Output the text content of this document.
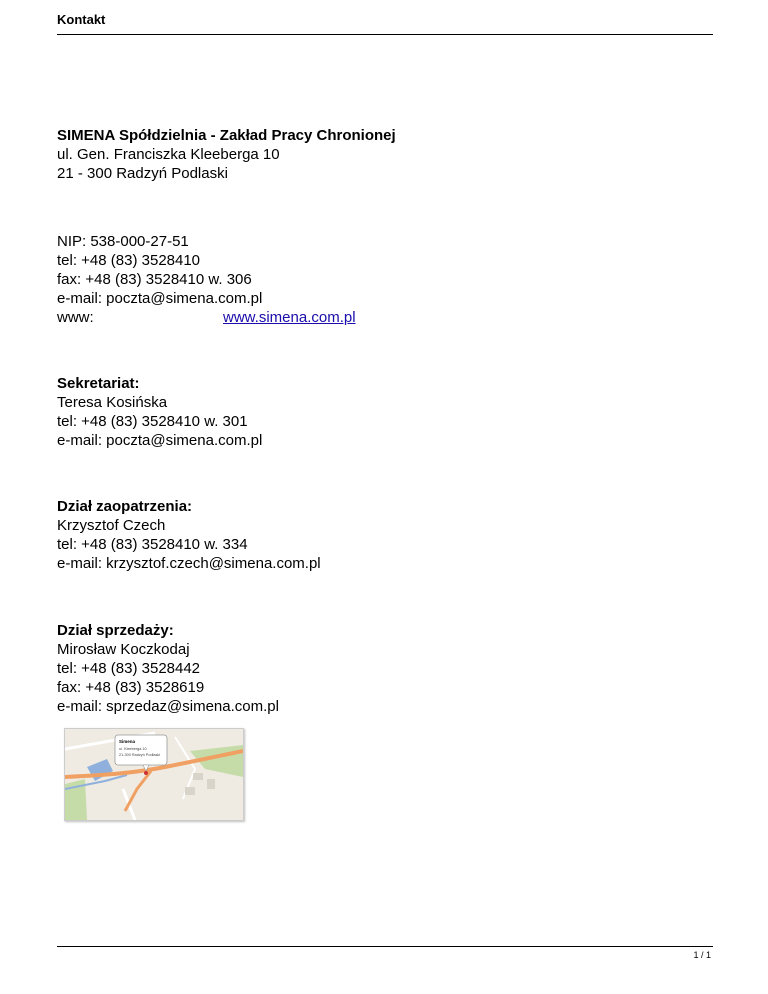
Kontakt
SIMENA Spółdzielnia - Zakład Pracy Chronionej
ul. Gen. Franciszka Kleeberga 10
21 - 300 Radzyń Podlaski
NIP: 538-000-27-51
tel: +48 (83) 3528410
fax: +48 (83) 3528410 w. 306
e-mail: poczta@simena.com.pl
www:	www.simena.com.pl
Sekretariat:
Teresa Kosińska
tel: +48 (83) 3528410 w. 301
e-mail: poczta@simena.com.pl
Dział zaopatrzenia:
Krzysztof Czech
tel: +48 (83) 3528410 w. 334
e-mail: krzysztof.czech@simena.com.pl
Dział sprzedaży:
Mirosław Koczkodaj
tel: +48 (83) 3528442
fax: +48 (83) 3528619
e-mail: sprzedaz@simena.com.pl
Simena
ul. Kleeberga 10
21-300 Radzyń Podlaski
1 / 1
